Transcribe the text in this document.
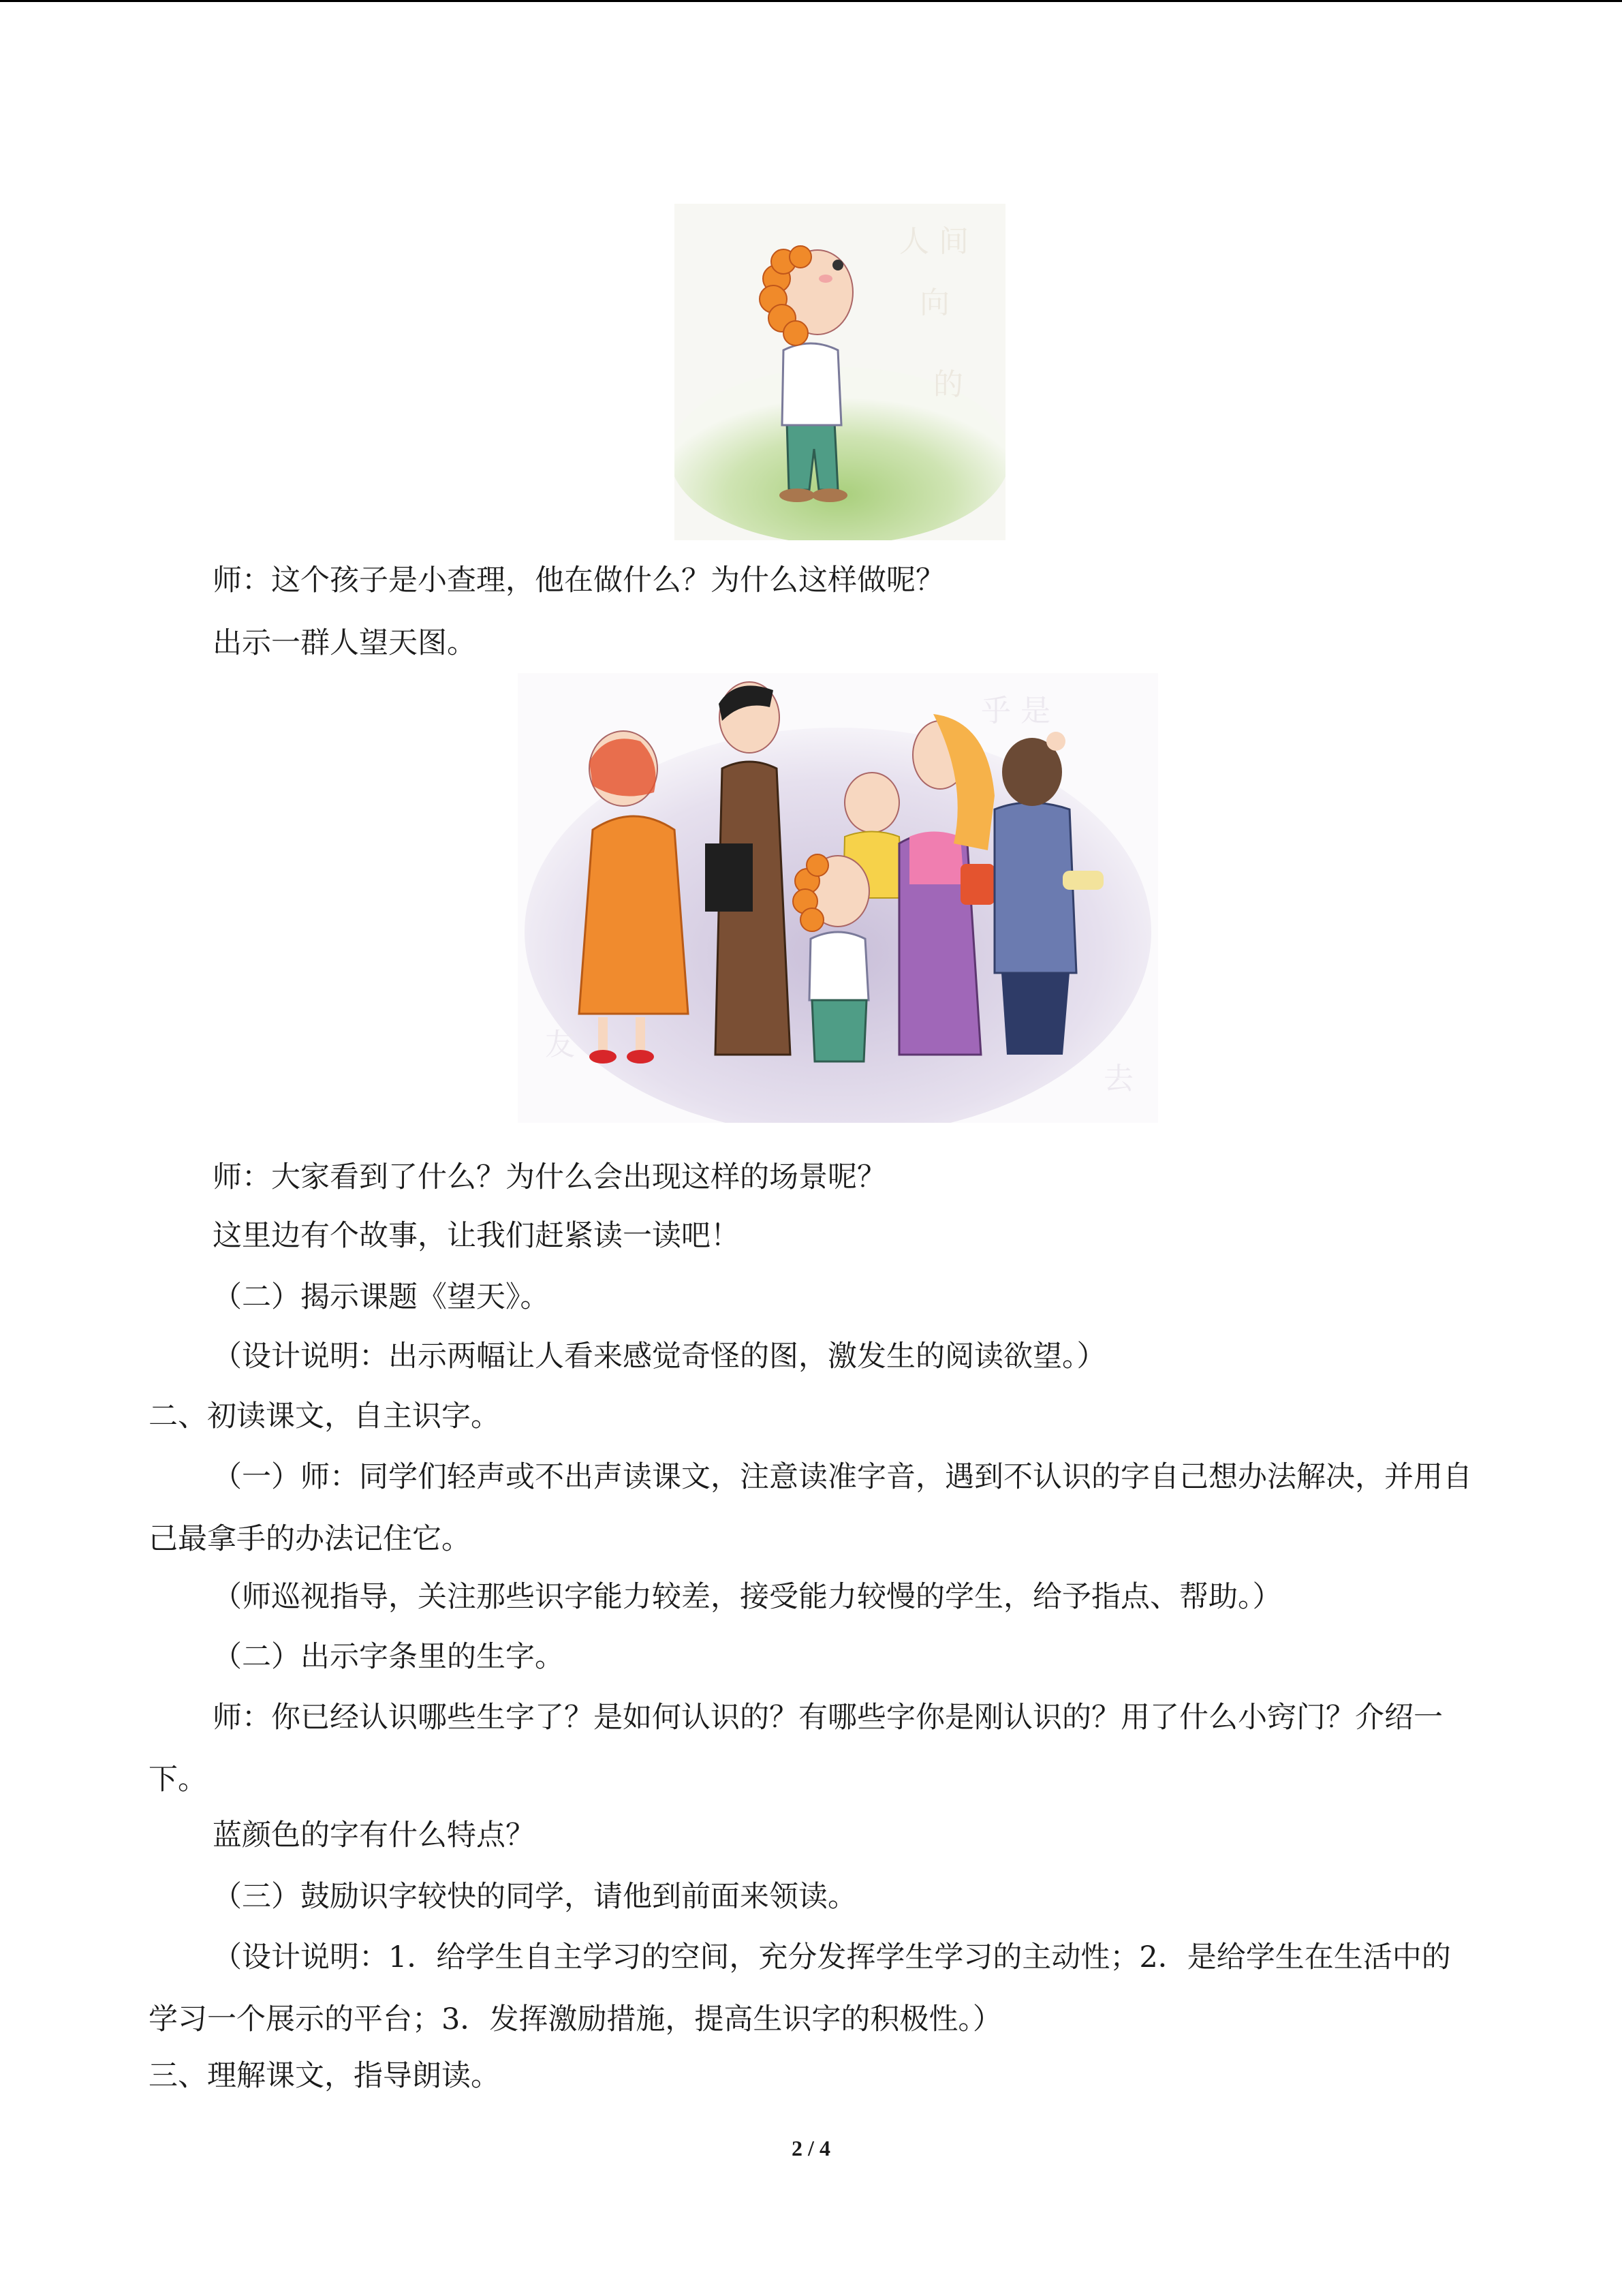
人 间
向
的

师：这个孩子是小查理，他在做什么？为什么这样做呢？

出示一群人望天图。

乎 是
友
去

师：大家看到了什么？为什么会出现这样的场景呢？

这里边有个故事，让我们赶紧读一读吧！

（二）揭示课题《望天》。

（设计说明：出示两幅让人看来感觉奇怪的图，激发生的阅读欲望。）

二、初读课文，自主识字。

（一）师：同学们轻声或不出声读课文，注意读准字音，遇到不认识的字自己想办法解决，并用自己最拿手的办法记住它。

（师巡视指导，关注那些识字能力较差，接受能力较慢的学生，给予指点、帮助。）

（二）出示字条里的生字。

师：你已经认识哪些生字了？是如何认识的？有哪些字你是刚认识的？用了什么小窍门？介绍一下。

蓝颜色的字有什么特点？

（三）鼓励识字较快的同学，请他到前面来领读。

（设计说明：1．给学生自主学习的空间，充分发挥学生学习的主动性；2．是给学生在生活中的学习一个展示的平台；3．发挥激励措施，提高生识字的积极性。）

三、理解课文，指导朗读。

2 / 4
